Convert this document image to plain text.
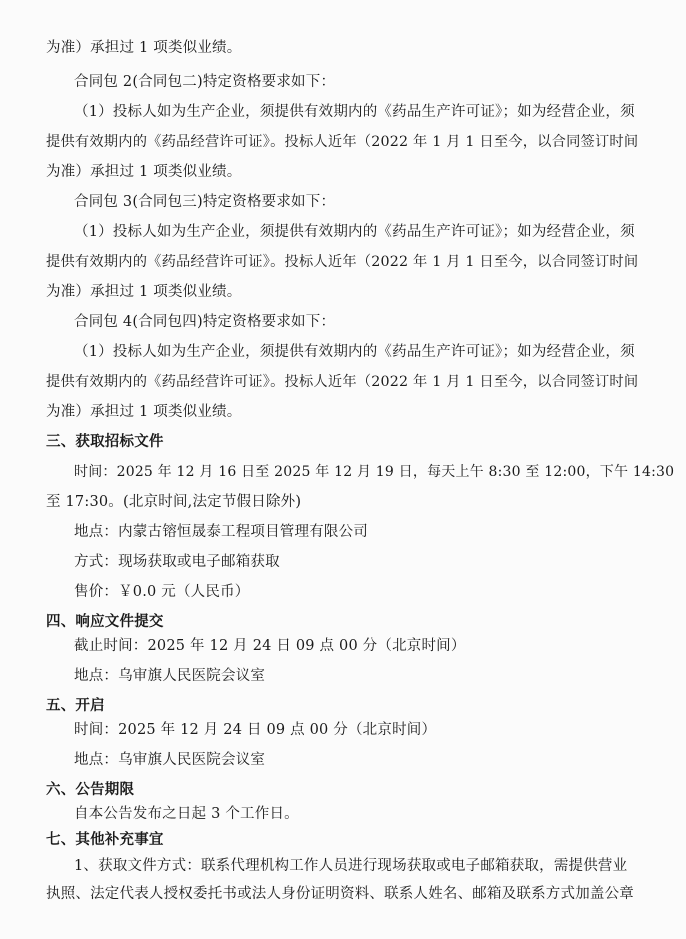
为准）承担过 1 项类似业绩。
合同包 2(合同包二)特定资格要求如下：
（1）投标人如为生产企业，须提供有效期内的《药品生产许可证》；如为经营企业，须
提供有效期内的《药品经营许可证》。投标人近年（2022 年 1 月 1 日至今，以合同签订时间
为准）承担过 1 项类似业绩。
合同包 3(合同包三)特定资格要求如下：
（1）投标人如为生产企业，须提供有效期内的《药品生产许可证》；如为经营企业，须
提供有效期内的《药品经营许可证》。投标人近年（2022 年 1 月 1 日至今，以合同签订时间
为准）承担过 1 项类似业绩。
合同包 4(合同包四)特定资格要求如下：
（1）投标人如为生产企业，须提供有效期内的《药品生产许可证》；如为经营企业，须
提供有效期内的《药品经营许可证》。投标人近年（2022 年 1 月 1 日至今，以合同签订时间
为准）承担过 1 项类似业绩。
三、获取招标文件
时间：2025 年 12 月 16 日至 2025 年 12 月 19 日，每天上午 8:30 至 12:00，下午 14:30
至 17:30。(北京时间,法定节假日除外)
地点：内蒙古镕恒晟泰工程项目管理有限公司
方式：现场获取或电子邮箱获取
售价：￥0.0 元（人民币）
四、响应文件提交
截止时间：2025 年 12 月 24 日 09 点 00 分（北京时间）
地点：乌审旗人民医院会议室
五、开启
时间：2025 年 12 月 24 日 09 点 00 分（北京时间）
地点：乌审旗人民医院会议室
六、公告期限
自本公告发布之日起 3 个工作日。
七、其他补充事宜
1、获取文件方式：联系代理机构工作人员进行现场获取或电子邮箱获取，需提供营业
执照、法定代表人授权委托书或法人身份证明资料、联系人姓名、邮箱及联系方式加盖公章
